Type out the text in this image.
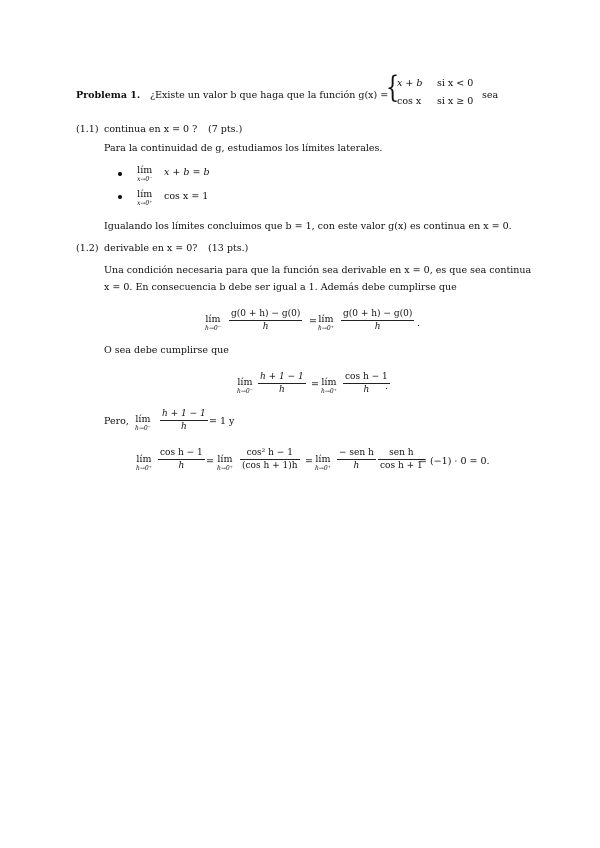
Problema 1. ¿Existe un valor b que haga que la función g(x) =
{
x + b si x < 0
cos x si x ≥ 0
sea
(1.1) continua en x = 0 ? (7 pts.)
Para la continuidad de g, estudiamos los límites laterales.
lím
x→0⁻
x + b = b
lím
x→0⁺
cos x = 1
Igualando los límites concluimos que b = 1, con este valor g(x) es continua en x = 0.
(1.2) derivable en x = 0? (13 pts.)
Una condición necesaria para que la función sea derivable en x = 0, es que sea continua
x = 0. En consecuencia b debe ser igual a 1. Además debe cumplirse que
lím
h→0⁻
g(0 + h) − g(0)
h	= lím
h→0⁺
g(0 + h) − g(0)
h	.
O sea debe cumplirse que
lím
h→0⁻
h + 1 − 1
h	= lím
h→0⁺
cos h − 1
h .
Pero, lím
h→0⁻
h + 1 − 1
h = 1 y
lím
h→0⁺
cos h − 1
h = lím
h→0⁺
cos² h − 1
(cos h + 1)h = lím
h→0⁺
− sen h
h
sen h
cos h + 1
= (−1) · 0 = 0.
